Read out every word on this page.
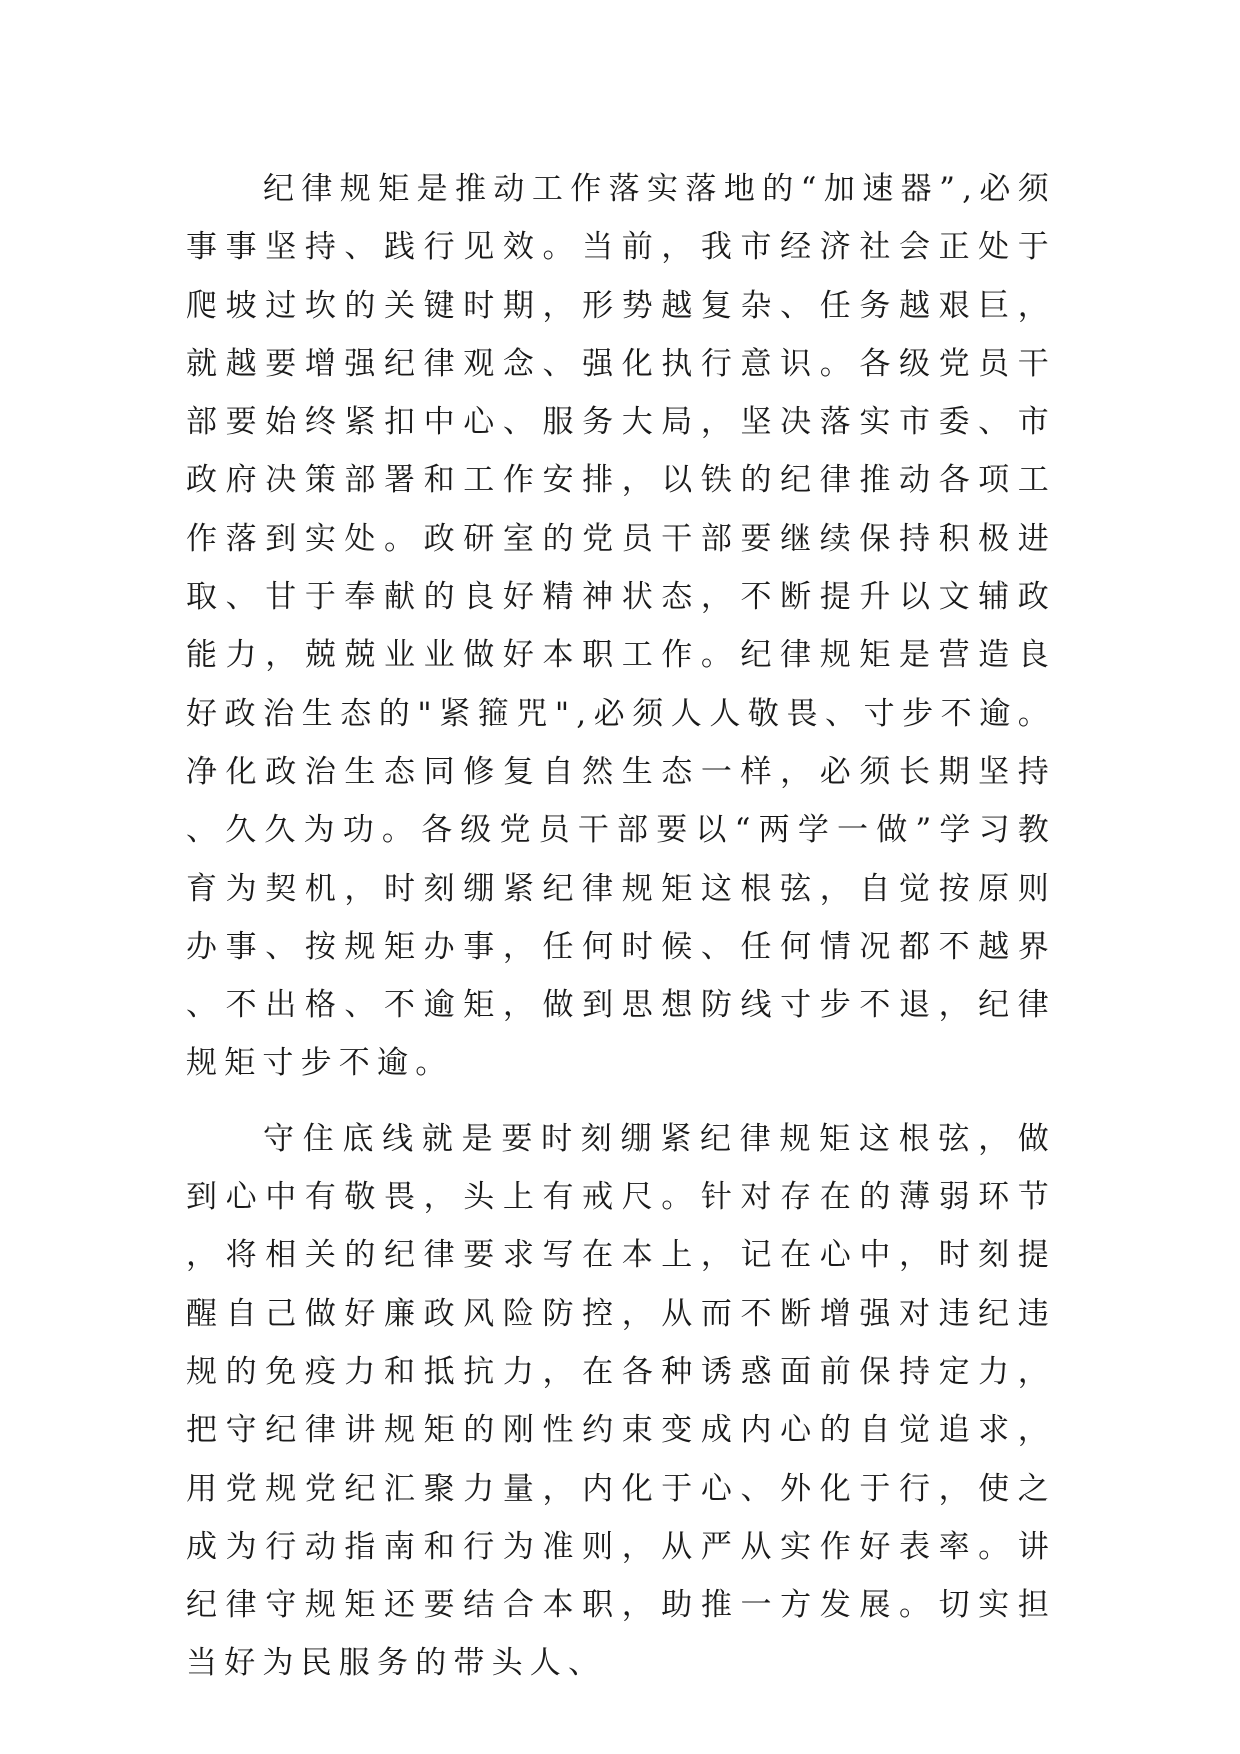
纪律规矩是推动工作落实落地的“加速器”,必须事事坚持、践行见效。当前，我市经济社会正处于爬坡过坎的关键时期，形势越复杂、任务越艰巨，就越要增强纪律观念、强化执行意识。各级党员干部要始终紧扣中心、服务大局，坚决落实市委、市政府决策部署和工作安排，以铁的纪律推动各项工作落到实处。政研室的党员干部要继续保持积极进取、甘于奉献的良好精神状态，不断提升以文辅政能力，兢兢业业做好本职工作。纪律规矩是营造良好政治生态的"紧箍咒",必须人人敬畏、寸步不逾。净化政治生态同修复自然生态一样，必须长期坚持、久久为功。各级党员干部要以“两学一做”学习教育为契机，时刻绷紧纪律规矩这根弦，自觉按原则办事、按规矩办事，任何时候、任何情况都不越界、不出格、不逾矩，做到思想防线寸步不退，纪律规矩寸步不逾。

守住底线就是要时刻绷紧纪律规矩这根弦，做到心中有敬畏，头上有戒尺。针对存在的薄弱环节，将相关的纪律要求写在本上，记在心中，时刻提醒自己做好廉政风险防控，从而不断增强对违纪违规的免疫力和抵抗力，在各种诱惑面前保持定力，把守纪律讲规矩的刚性约束变成内心的自觉追求，用党规党纪汇聚力量，内化于心、外化于行，使之成为行动指南和行为准则，从严从实作好表率。讲纪律守规矩还要结合本职，助推一方发展。切实担当好为民服务的带头人、
